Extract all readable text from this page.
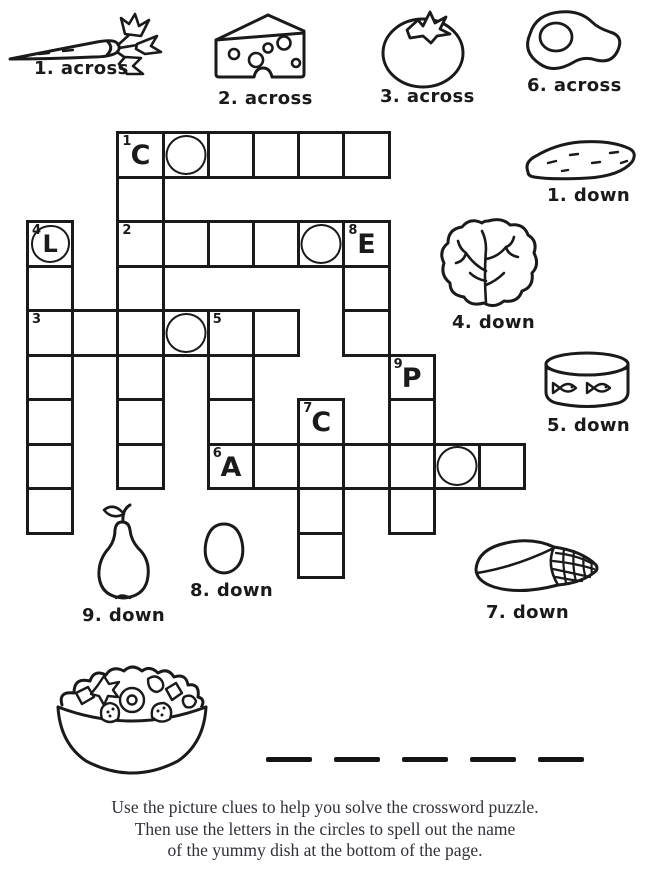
1. across
2. across	3. across
6. across
1. down
4. down
5. down
7. down
9. down
8. down
1 C
4 L	2	8 E
3	5
9 P
7 C
6
A
Use the picture clues to help you solve the crossword puzzle.
Then use the letters in the circles to spell out the name
of the yummy dish at the bottom of the page.
